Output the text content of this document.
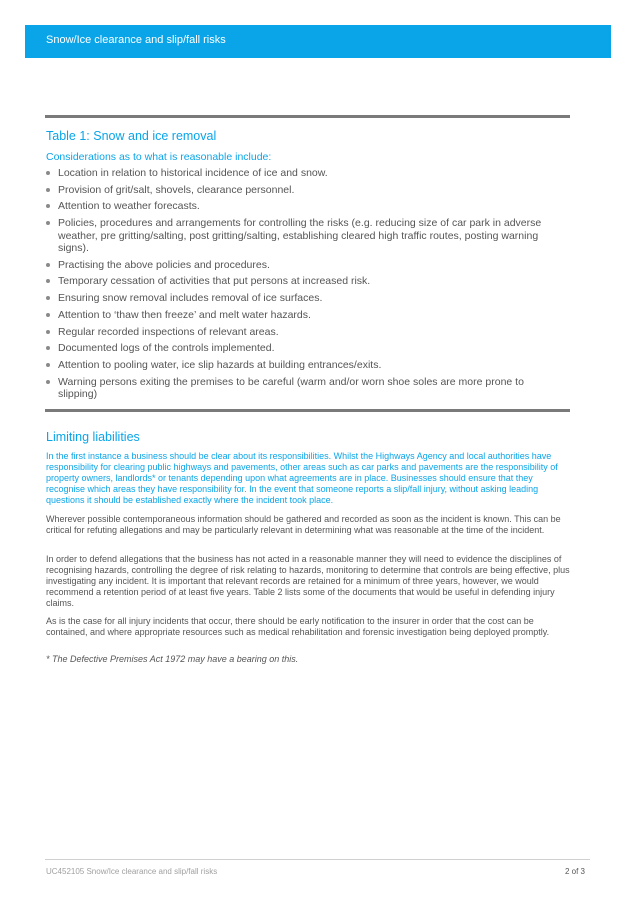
Snow/Ice clearance and slip/fall risks
Table 1: Snow and ice removal
Considerations as to what is reasonable include:
Location in relation to historical incidence of ice and snow.
Provision of grit/salt, shovels, clearance personnel.
Attention to weather forecasts.
Policies, procedures and arrangements for controlling the risks (e.g. reducing size of car park in adverse weather, pre gritting/salting, post gritting/salting, establishing cleared high traffic routes, posting warning signs).
Practising the above policies and procedures.
Temporary cessation of activities that put persons at increased risk.
Ensuring snow removal includes removal of ice surfaces.
Attention to ‘thaw then freeze’ and melt water hazards.
Regular recorded inspections of relevant areas.
Documented logs of the controls implemented.
Attention to pooling water, ice slip hazards at building entrances/exits.
Warning persons exiting the premises to be careful (warm and/or worn shoe soles are more prone to slipping)
Limiting liabilities

In the first instance a business should be clear about its responsibilities. Whilst the Highways Agency and local authorities have responsibility for clearing public highways and pavements, other areas such as car parks and pavements are the responsibility of property owners, landlords* or tenants depending upon what agreements are in place. Businesses should ensure that they recognise which areas they have responsibility for. In the event that someone reports a slip/fall injury, without asking leading questions it should be established exactly where the incident took place.

Wherever possible contemporaneous information should be gathered and recorded as soon as the incident is known. This can be critical for refuting allegations and may be particularly relevant in determining what was reasonable at the time of the incident.

In order to defend allegations that the business has not acted in a reasonable manner they will need to evidence the disciplines of recognising hazards, controlling the degree of risk relating to hazards, monitoring to determine that controls are being effective, plus investigating any incident. It is important that relevant records are retained for a minimum of three years, however, we would recommend a retention period of at least five years. Table 2 lists some of the documents that would be useful in defending injury claims.

As is the case for all injury incidents that occur, there should be early notification to the insurer in order that the cost can be contained, and where appropriate resources such as medical rehabilitation and forensic investigation being deployed promptly.

* The Defective Premises Act 1972 may have a bearing on this.

UC452105 Snow/Ice clearance and slip/fall risks	2 of 3
